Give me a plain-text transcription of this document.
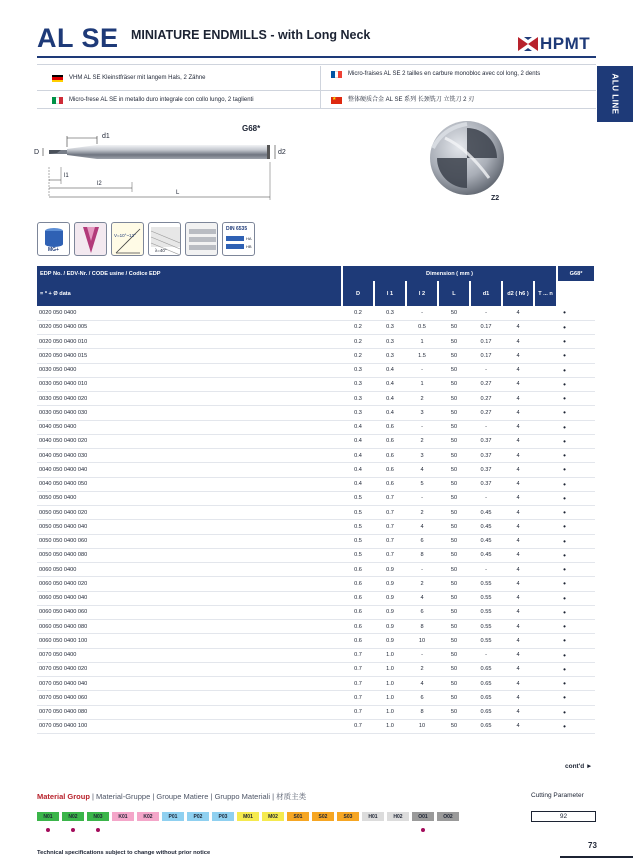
AL SE MINIATURE ENDMILLS - with Long Neck	HPMT
ALU LINE
VHM AL SE Kleinstfräser mit langem Hals, 2 Zähne
Micro-fraises AL SE 2 tailles en carbure monobloc avec col long, 2 dents
Micro-frese AL SE in metallo duro integrale con collo lungo, 2 taglienti	★ 整体硬质合金 AL SE 系列 长颈铣刀 立铣刀 2 刃
d1
D	d2
l1
l2
L
G68*
Z2
MG+
V=10°~12°
λ=40°
DIN 6535
HA
HB
EDP No. / EDV-Nr. / CODE usine / Codice EDP	Dimension ( mm )							G68*
= * + Ø data	D	l 1	l 2	L	d1	d2 ( h6 )	T ... n	
0020 050 0400	0.2	0.3	-	50	-	4	•	
0020 050 0400 005	0.2	0.3	0.5	50	0.17	4	•	
0020 050 0400 010	0.2	0.3	1	50	0.17	4	•	
0020 050 0400 015	0.2	0.3	1.5	50	0.17	4	•	
0030 050 0400	0.3	0.4	-	50	-	4	•	
0030 050 0400 010	0.3	0.4	1	50	0.27	4	•	
0030 050 0400 020	0.3	0.4	2	50	0.27	4	•	
0030 050 0400 030	0.3	0.4	3	50	0.27	4	•	
0040 050 0400	0.4	0.6	-	50	-	4	•	
0040 050 0400 020	0.4	0.6	2	50	0.37	4	•	
0040 050 0400 030	0.4	0.6	3	50	0.37	4	•	
0040 050 0400 040	0.4	0.6	4	50	0.37	4	•	
0040 050 0400 050	0.4	0.6	5	50	0.37	4	•	
0050 050 0400	0.5	0.7	-	50	-	4	•	
0050 050 0400 020	0.5	0.7	2	50	0.45	4	•	
0050 050 0400 040	0.5	0.7	4	50	0.45	4	•	
0050 050 0400 060	0.5	0.7	6	50	0.45	4	•	
0050 050 0400 080	0.5	0.7	8	50	0.45	4	•	
0060 050 0400	0.6	0.9	-	50	-	4	•	
0060 050 0400 020	0.6	0.9	2	50	0.55	4	•	
0060 050 0400 040	0.6	0.9	4	50	0.55	4	•	
0060 050 0400 060	0.6	0.9	6	50	0.55	4	•	
0060 050 0400 080	0.6	0.9	8	50	0.55	4	•	
0060 050 0400 100	0.6	0.9	10	50	0.55	4	•	
0070 050 0400	0.7	1.0	-	50	-	4	•	
0070 050 0400 020	0.7	1.0	2	50	0.65	4	•	
0070 050 0400 040	0.7	1.0	4	50	0.65	4	•	
0070 050 0400 060	0.7	1.0	6	50	0.65	4	•	
0070 050 0400 080	0.7	1.0	8	50	0.65	4	•	
0070 050 0400 100	0.7	1.0	10	50	0.65	4	•	
cont'd ►
Material Group | Material-Gruppe | Groupe Matiere | Gruppo Materiali | 材质主类	Cutting Parameter
N01	N02	N03	K01	K02	P01	P02	P03	M01	M02	S01	S02	S03	H01	H02	O01	O02	92
73
Technical specifications subject to change without prior notice
